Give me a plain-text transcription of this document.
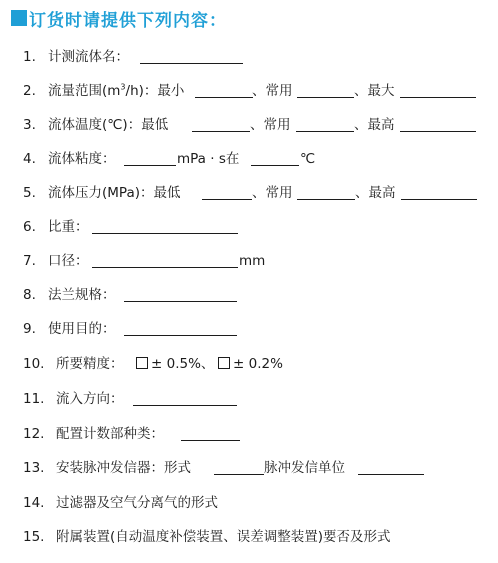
订货时请提供下列内容：
1. 计测流体名：
2. 流量范围$(m^3/h)$：最小	、常用	、最大
3. 流体温度(℃)：最低	、常用	、最高
4. 流体粘度：	mPa · s在	℃
5. 流体压力(MPa)：最低	、常用	、最高
6. 比重：
7. 口径：	mm
8. 法兰规格：
9. 使用目的：
10. 所要精度：	± 0.5%、	± 0.2%
11. 流入方向：
12. 配置计数部种类：
13. 安装脉冲发信器：形式	脉冲发信单位
14. 过滤器及空气分离气的形式
15. 附属装置(自动温度补偿装置、误差调整装置)要否及形式
